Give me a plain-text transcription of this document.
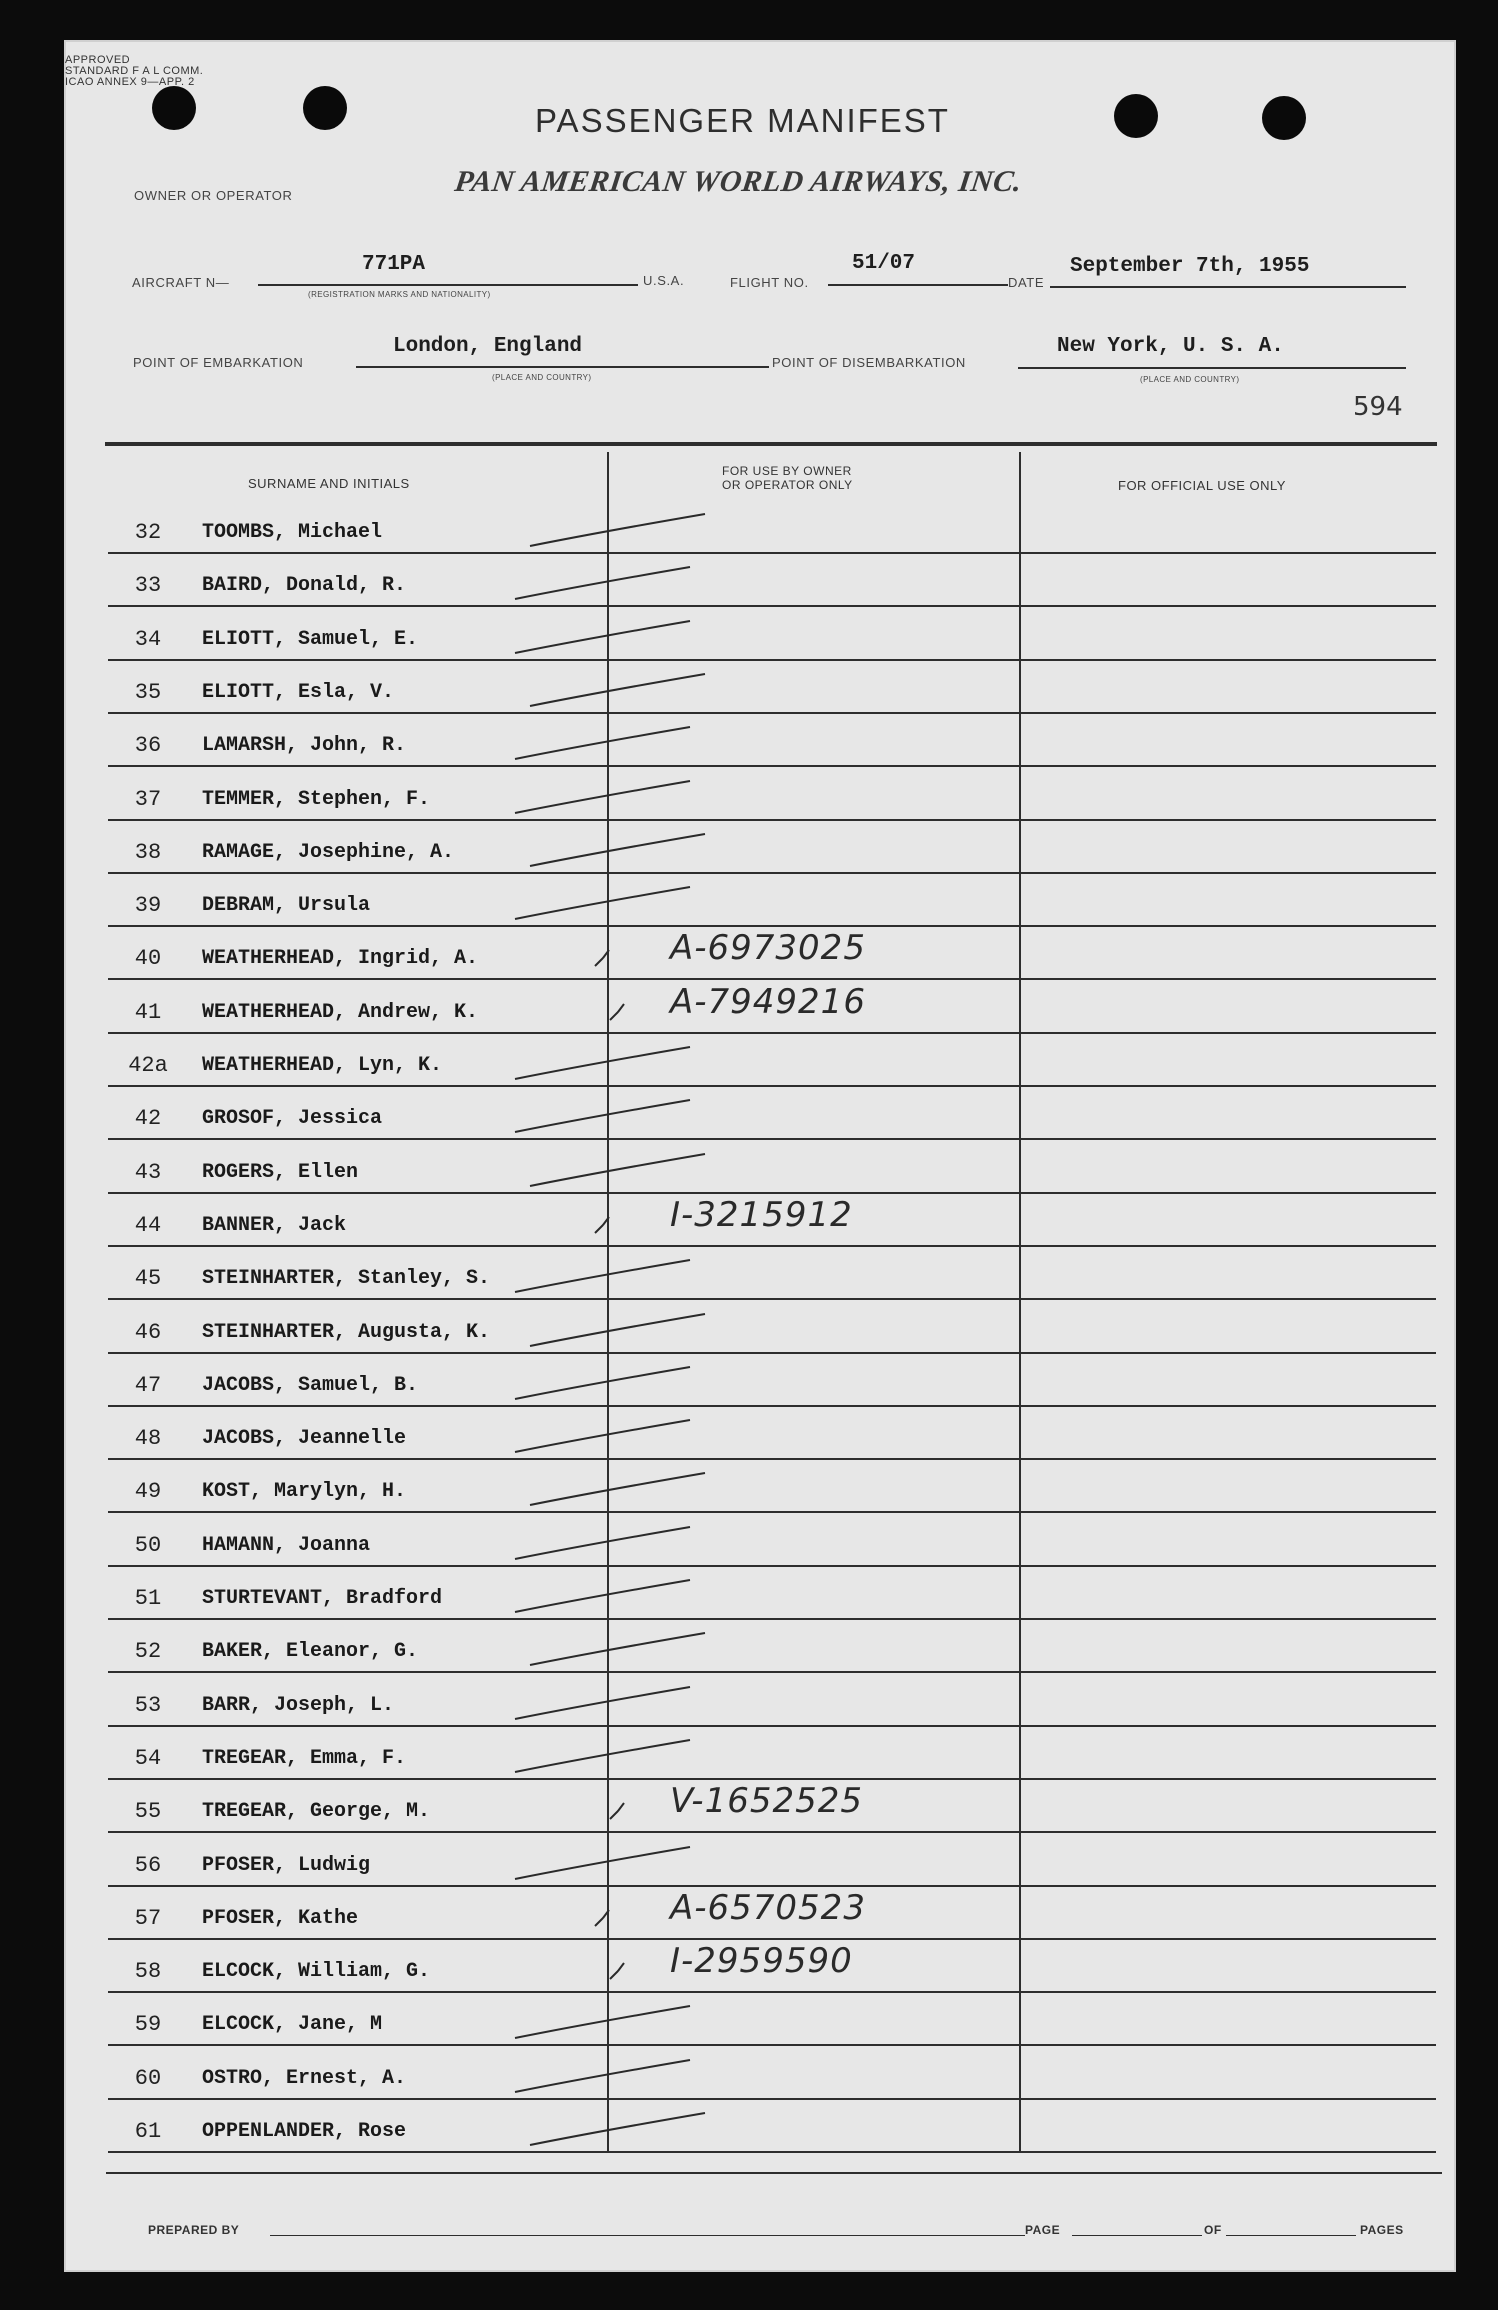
APPROVED
STANDARD F A L COMM.
ICAO ANNEX 9—APP. 2
PASSENGER MANIFEST
OWNER OR OPERATOR	PAN AMERICAN WORLD AIRWAYS, INC.
AIRCRAFT N—
771PA
(REGISTRATION MARKS AND NATIONALITY)
U.S.A.	FLIGHT NO.
51/07
DATE
September 7th, 1955
POINT OF EMBARKATION
London, England
(PLACE AND COUNTRY)
POINT OF DISEMBARKATION
New York, U. S. A.
(PLACE AND COUNTRY)
594
SURNAME AND INITIALS
FOR USE BY OWNER
OR OPERATOR ONLY	FOR OFFICIAL USE ONLY
32	TOOMBS, Michael
33	BAIRD, Donald, R.
34	ELIOTT, Samuel, E.
35	ELIOTT, Esla, V.
36	LAMARSH, John, R.
37	TEMMER, Stephen, F.
38	RAMAGE, Josephine, A.
39	DEBRAM, Ursula
40	WEATHERHEAD, Ingrid, A.	A-6973025
41	WEATHERHEAD, Andrew, K.	A-7949216
42a	WEATHERHEAD, Lyn, K.
42	GROSOF, Jessica
43	ROGERS, Ellen
44	BANNER, Jack	I-3215912
45	STEINHARTER, Stanley, S.
46	STEINHARTER, Augusta, K.
47	JACOBS, Samuel, B.
48	JACOBS, Jeannelle
49	KOST, Marylyn, H.
50	HAMANN, Joanna
51	STURTEVANT, Bradford
52	BAKER, Eleanor, G.
53	BARR, Joseph, L.
54	TREGEAR, Emma, F.
55	TREGEAR, George, M.	V-1652525
56	PFOSER, Ludwig
57	PFOSER, Kathe	A-6570523
58	ELCOCK, William, G.	I-2959590
59	ELCOCK, Jane, M
60	OSTRO, Ernest, A.
61	OPPENLANDER, Rose
PREPARED BY	PAGE	OF	PAGES
